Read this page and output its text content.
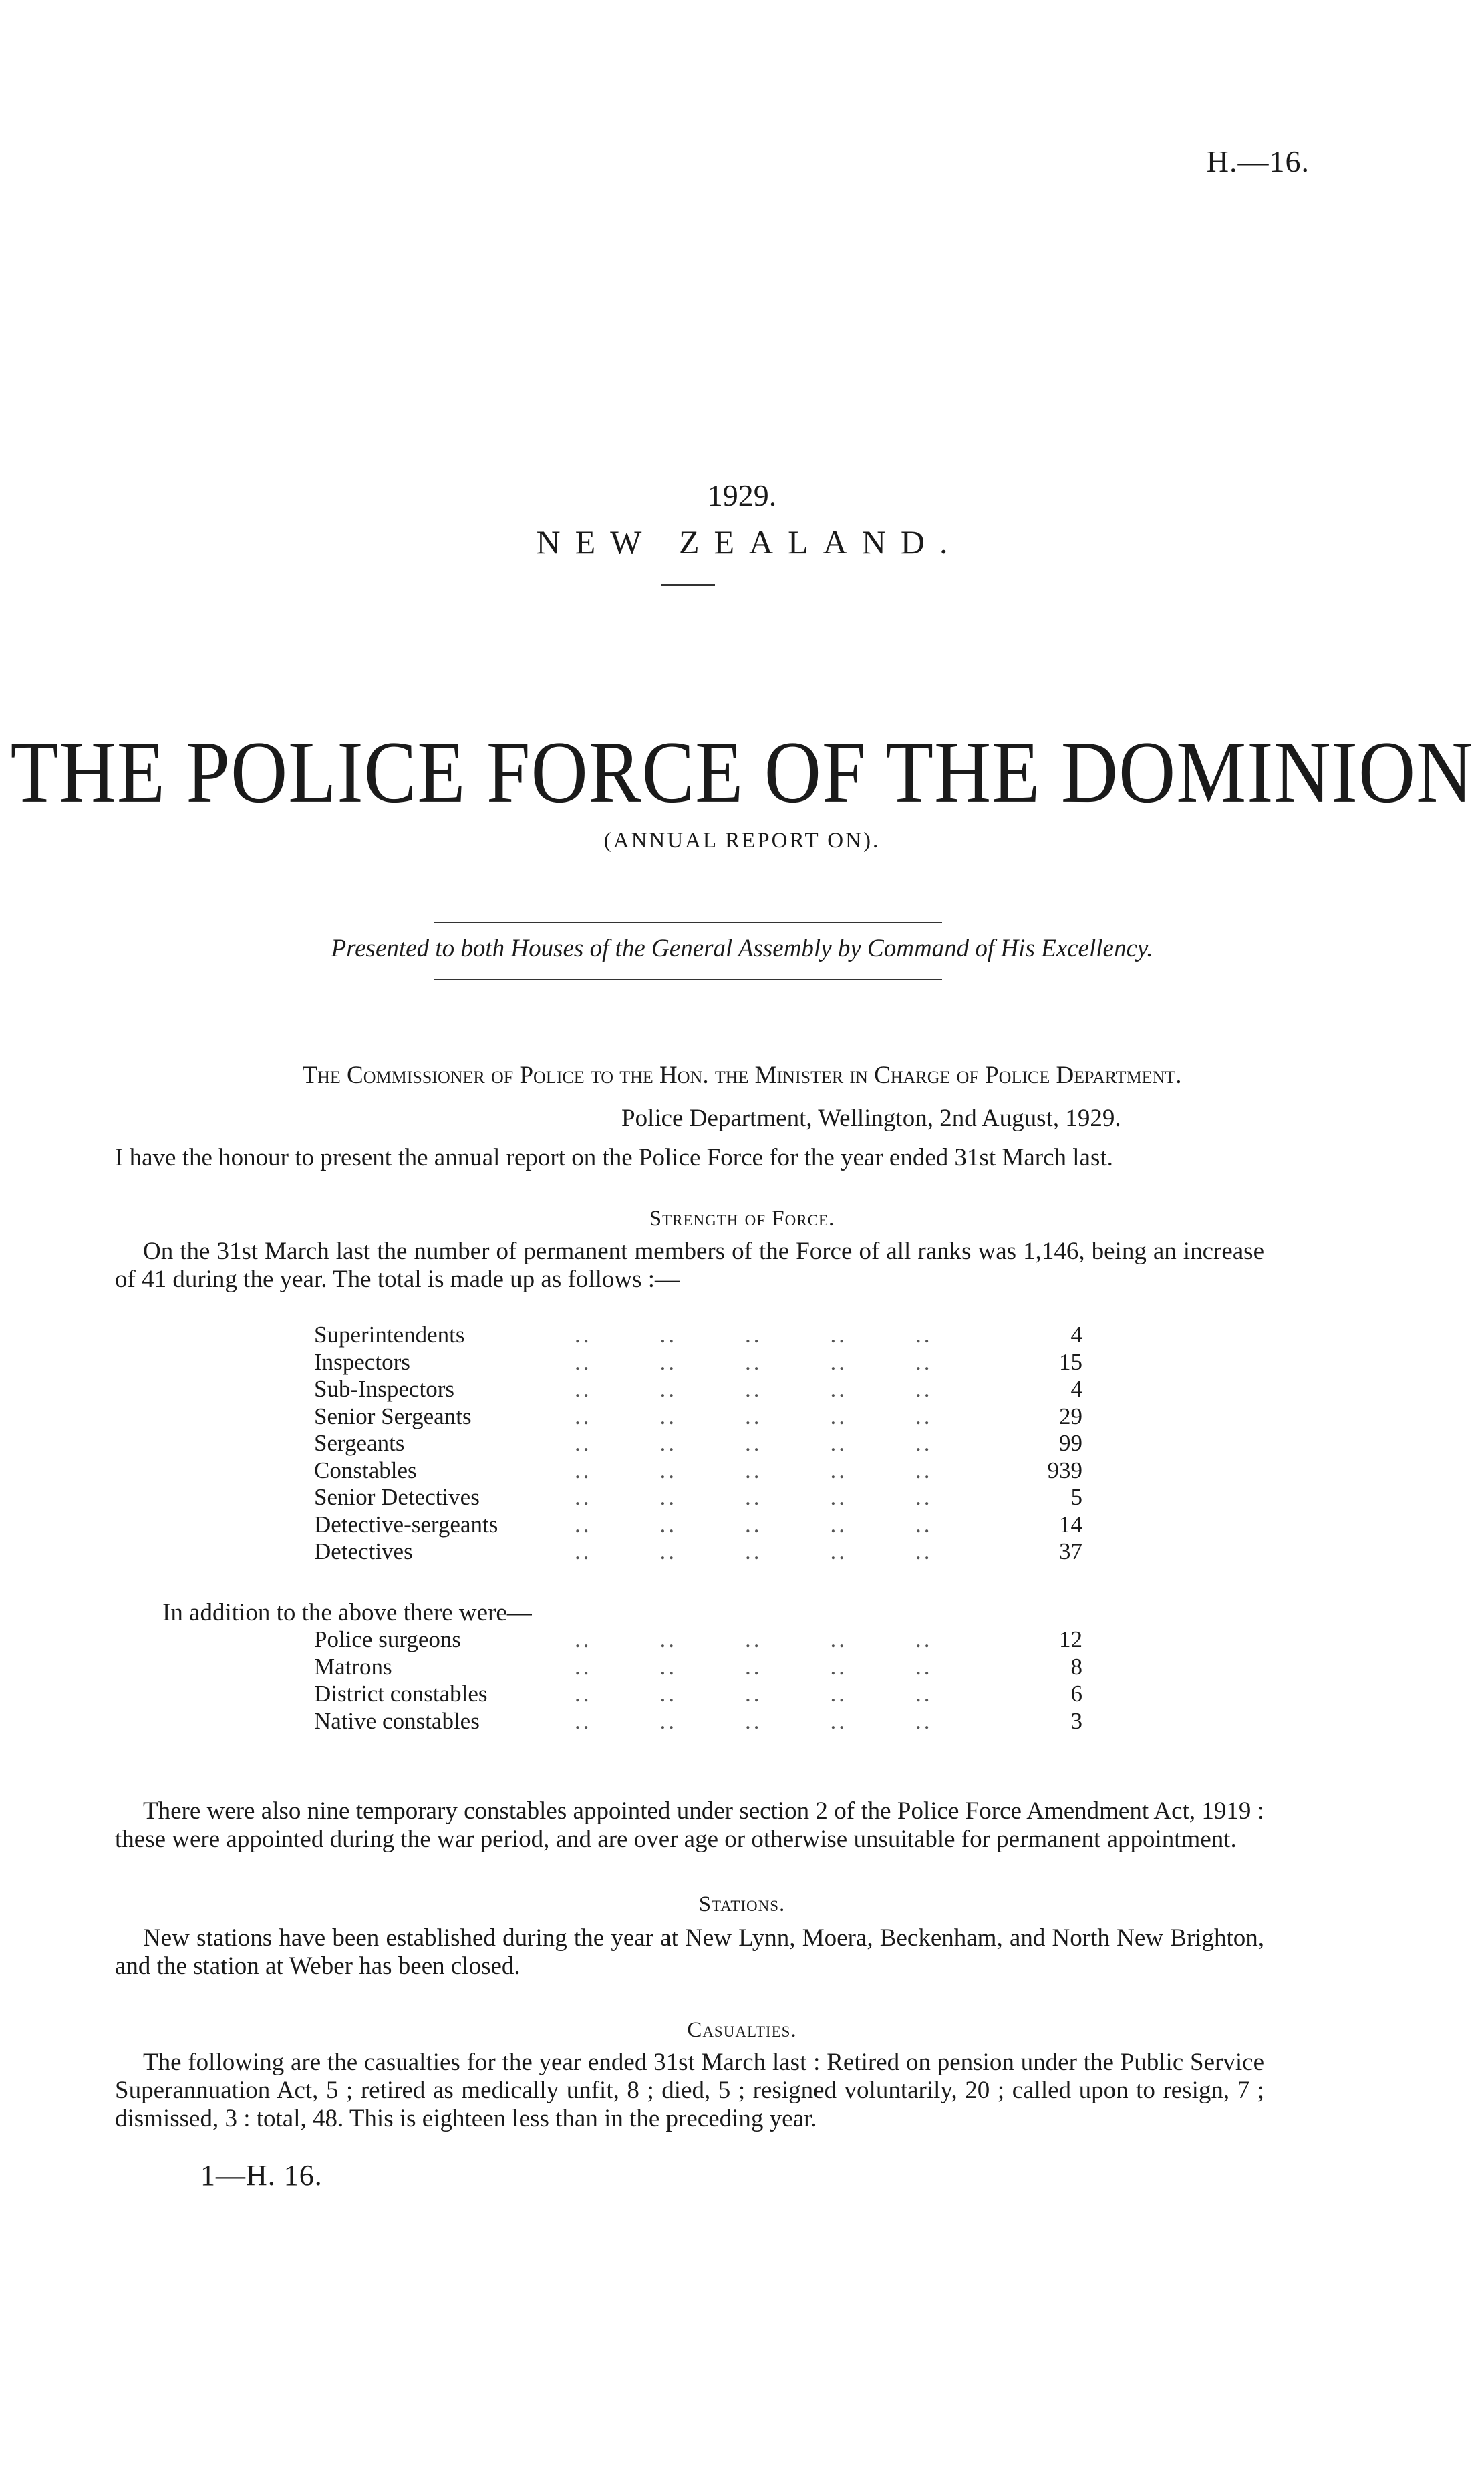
H.—16.
1929.
NEW ZEALAND.
THE POLICE FORCE OF THE DOMINION
(ANNUAL REPORT ON).
Presented to both Houses of the General Assembly by Command of His Excellency.
The Commissioner of Police to the Hon. the Minister in Charge of Police Department.
Police Department, Wellington, 2nd August, 1929.
I have the honour to present the annual report on the Police Force for the year ended 31st March last.
Strength of Force.
On the 31st March last the number of permanent members of the Force of all ranks was 1,146, being an increase of 41 during the year. The total is made up as follows :—
Superintendents	..        ..        ..        ..        ..	4
Inspectors	..        ..        ..        ..        ..	15
Sub-Inspectors	..        ..        ..        ..        ..	4
Senior Sergeants	..        ..        ..        ..        ..	29
Sergeants	..        ..        ..        ..        ..	99
Constables	..        ..        ..        ..        ..	939
Senior Detectives	..        ..        ..        ..        ..	5
Detective-sergeants	..        ..        ..        ..        ..	14
Detectives	..        ..        ..        ..        ..	37
In addition to the above there were—
Police surgeons	..        ..        ..        ..        ..	12
Matrons	..        ..        ..        ..        ..	8
District constables	..        ..        ..        ..        ..	6
Native constables	..        ..        ..        ..        ..	3
There were also nine temporary constables appointed under section 2 of the Police Force Amendment Act, 1919 : these were appointed during the war period, and are over age or otherwise unsuitable for permanent appointment.
Stations.
New stations have been established during the year at New Lynn, Moera, Beckenham, and North New Brighton, and the station at Weber has been closed.
Casualties.
The following are the casualties for the year ended 31st March last : Retired on pension under the Public Service Superannuation Act, 5 ; retired as medically unfit, 8 ; died, 5 ; resigned voluntarily, 20 ; called upon to resign, 7 ; dismissed, 3 : total, 48. This is eighteen less than in the preceding year.
1—H. 16.
